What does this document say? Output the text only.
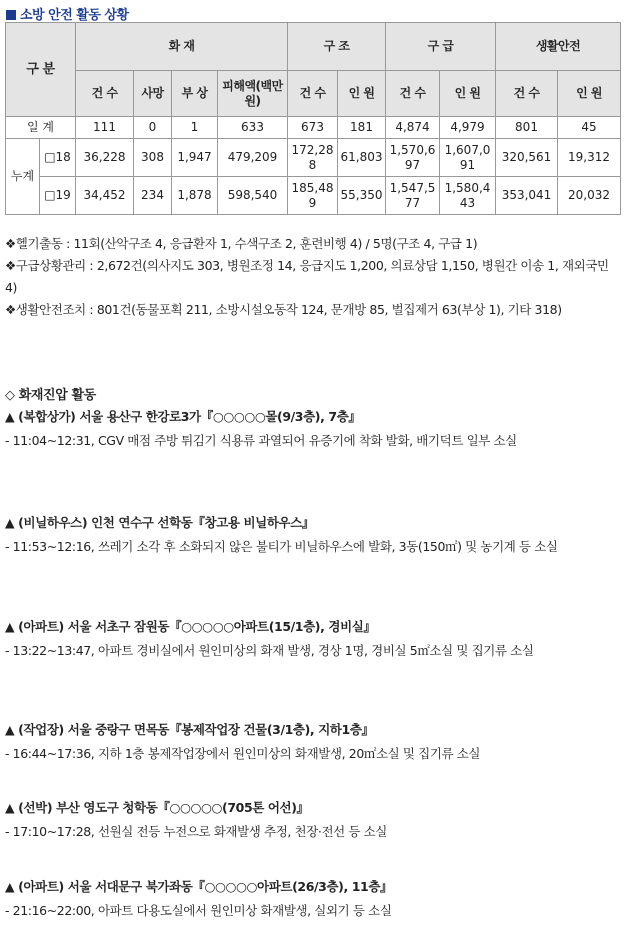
소방 안전 활동 상황
구 분		화 재				구 조		구 급		생활안전	
		건 수	사망	부 상	피해액(백만원)	건 수	인 원	건 수	인 원	건 수	인 원
일 계		111	0	1	633	673	181	4,874	4,979	801	45
누계	□18	36,228	308	1,947	479,209	172,288	61,803	1,570,697	1,607,091	320,561	19,312
	□19	34,452	234	1,878	598,540	185,489	55,350	1,547,577	1,580,443	353,041	20,032

❖헬기출동 : 11회(산악구조 4, 응급환자 1, 수색구조 2, 훈련비행 4) / 5명(구조 4, 구급 1)

❖구급상황관리 : 2,672건(의사지도 303, 병원조정 14, 응급지도 1,200, 의료상담 1,150, 병원간 이송 1, 재외국민 4)

❖생활안전조치 : 801건(동물포획 211, 소방시설오동작 124, 문개방 85, 벌집제거 63(부상 1), 기타 318)

◇ 화재진압 활동
▲ (복합상가) 서울 용산구 한강로3가『○○○○○몰(9/3층), 7층』
- 11:04~12:31, CGV 매점 주방 튀김기 식용류 과열되어 유증기에 착화 발화, 배기덕트 일부 소실
▲ (비닐하우스) 인천 연수구 선학동『창고용 비닐하우스』
- 11:53~12:16, 쓰레기 소각 후 소화되지 않은 불티가 비닐하우스에 발화, 3동(150㎡) 및 농기계 등 소실
▲ (아파트) 서울 서초구 잠원동『○○○○○아파트(15/1층), 경비실』
- 13:22~13:47, 아파트 경비실에서 원인미상의 화재 발생, 경상 1명, 경비실 5㎡소실 및 집기류 소실
▲ (작업장) 서울 중랑구 면목동『봉제작업장 건물(3/1층), 지하1층』
- 16:44~17:36, 지하 1층 봉제작업장에서 원인미상의 화재발생, 20㎡소실 및 집기류 소실
▲ (선박) 부산 영도구 청학동『○○○○○(705톤 어선)』
- 17:10~17:28, 선원실 전등 누전으로 화재발생 추정, 천장·전선 등 소실
▲ (아파트) 서울 서대문구 북가좌동『○○○○○아파트(26/3층), 11층』
- 21:16~22:00, 아파트 다용도실에서 원인미상 화재발생, 실외기 등 소실
